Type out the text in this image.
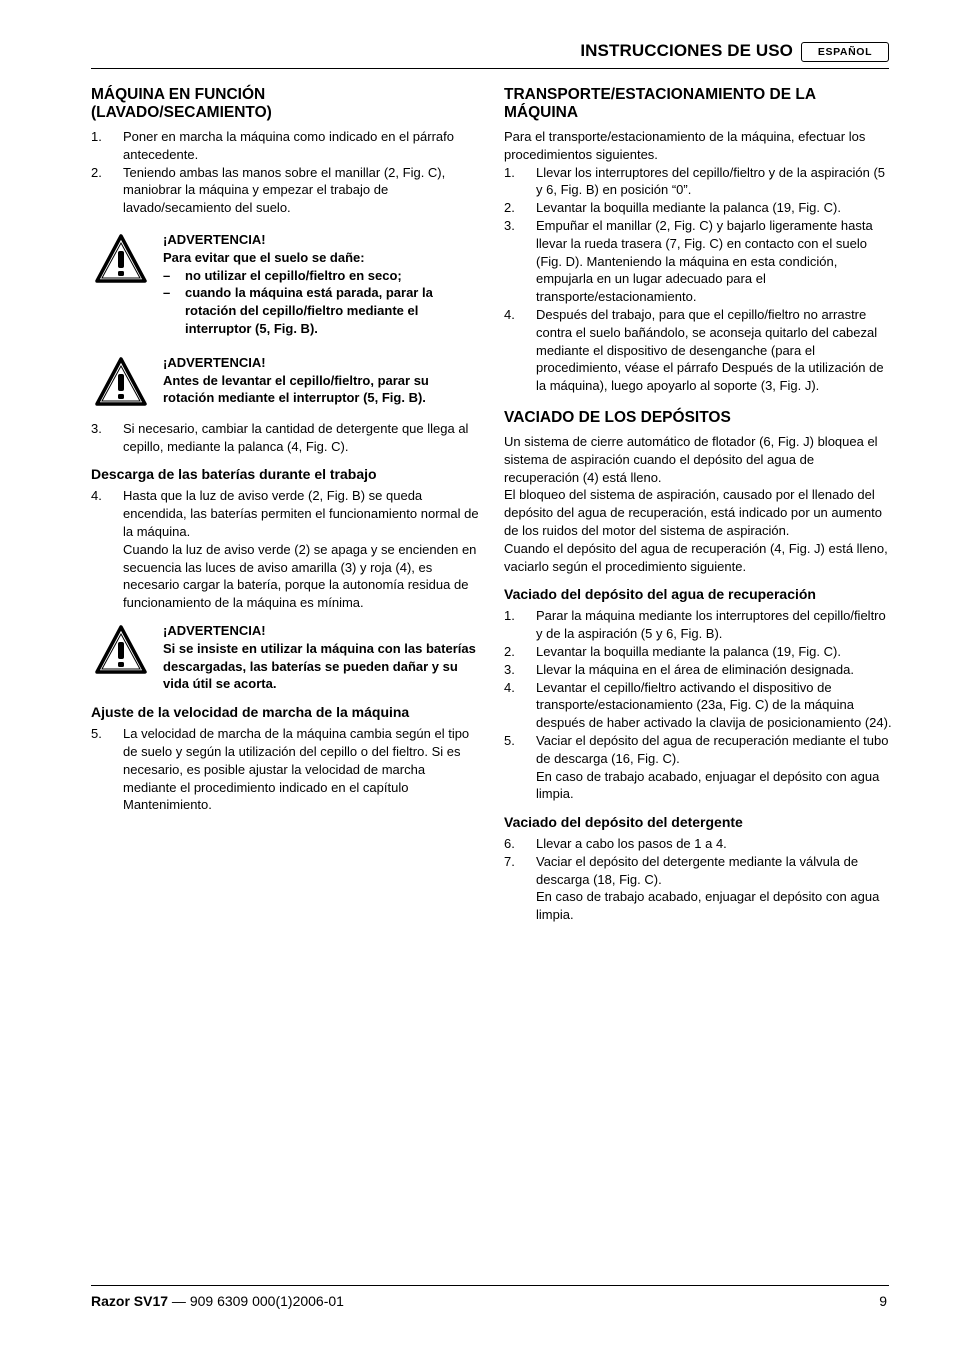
INSTRUCCIONES DE USO	ESPAÑOL
MÁQUINA EN FUNCIÓN
(LAVADO/SECAMIENTO)
1.	Poner en marcha la máquina como indicado en el párrafo antecedente.
2.	Teniendo ambas las manos sobre el manillar (2, Fig. C), maniobrar la máquina y empezar el trabajo de lavado/secamiento del suelo.
¡ADVERTENCIA!
Para evitar que el suelo se dañe:
–	no utilizar el cepillo/fieltro en seco;
–	cuando la máquina está parada, parar la rotación del cepillo/fieltro mediante el interruptor (5, Fig. B).
¡ADVERTENCIA!
Antes de levantar el cepillo/fieltro, parar su rotación mediante el interruptor (5, Fig. B).
3.	Si necesario, cambiar la cantidad de detergente que llega al cepillo, mediante la palanca (4, Fig. C).
Descarga de las baterías durante el trabajo
4.	Hasta que la luz de aviso verde (2, Fig. B) se queda encendida, las baterías permiten el funcionamiento normal de la máquina.
Cuando la luz de aviso verde (2) se apaga y se encienden en secuencia las luces de aviso amarilla (3) y roja (4), es necesario cargar la batería, porque la autonomía residua de funcionamiento de la máquina es mínima.
¡ADVERTENCIA!
Si se insiste en utilizar la máquina con las baterías descargadas, las baterías se pueden dañar y su vida útil se acorta.
Ajuste de la velocidad de marcha de la máquina
5.	La velocidad de marcha de la máquina cambia según el tipo de suelo y según la utilización del cepillo o del fieltro. Si es necesario, es posible ajustar la velocidad de marcha mediante el procedimiento indicado en el capítulo Mantenimiento.
TRANSPORTE/ESTACIONAMIENTO DE LA
MÁQUINA

Para el transporte/estacionamiento de la máquina, efectuar los procedimientos siguientes.

1.	Llevar los interruptores del cepillo/fieltro y de la aspiración (5 y 6, Fig. B) en posición “0”.
2.	Levantar la boquilla mediante la palanca (19, Fig. C).
3.	Empuñar el manillar (2, Fig. C) y bajarlo ligeramente hasta llevar la rueda trasera (7, Fig. C) en contacto con el suelo (Fig. D). Manteniendo la máquina en esta condición, empujarla en un lugar adecuado para el transporte/estacionamiento.
4.	Después del trabajo, para que el cepillo/fieltro no arrastre contra el suelo bañándolo, se aconseja quitarlo del cabezal mediante el dispositivo de desenganche (para el procedimiento, véase el párrafo Después de la utilización de la máquina), luego apoyarlo al soporte (3, Fig. J).
VACIADO DE LOS DEPÓSITOS

Un sistema de cierre automático de flotador (6, Fig. J) bloquea el sistema de aspiración cuando el depósito del agua de recuperación (4) está lleno.

El bloqueo del sistema de aspiración, causado por el llenado del depósito del agua de recuperación, está indicado por un aumento de los ruidos del motor del sistema de aspiración.

Cuando el depósito del agua de recuperación (4, Fig. J) está lleno, vaciarlo según el procedimiento siguiente.

Vaciado del depósito del agua de recuperación
1.	Parar la máquina mediante los interruptores del cepillo/fieltro y de la aspiración (5 y 6, Fig. B).
2.	Levantar la boquilla mediante la palanca (19, Fig. C).
3.	Llevar la máquina en el área de eliminación designada.
4.	Levantar el cepillo/fieltro activando el dispositivo de transporte/estacionamiento (23a, Fig. C) de la máquina después de haber activado la clavija de posicionamiento (24).
5.	Vaciar el depósito del agua de recuperación mediante el tubo de descarga (16, Fig. C).
En caso de trabajo acabado, enjuagar el depósito con agua limpia.
Vaciado del depósito del detergente
6.	Llevar a cabo los pasos de 1 a 4.
7.	Vaciar el depósito del detergente mediante la válvula de descarga (18, Fig. C).
En caso de trabajo acabado, enjuagar el depósito con agua limpia.
Razor SV17 — 909 6309 000(1)2006-01	9
